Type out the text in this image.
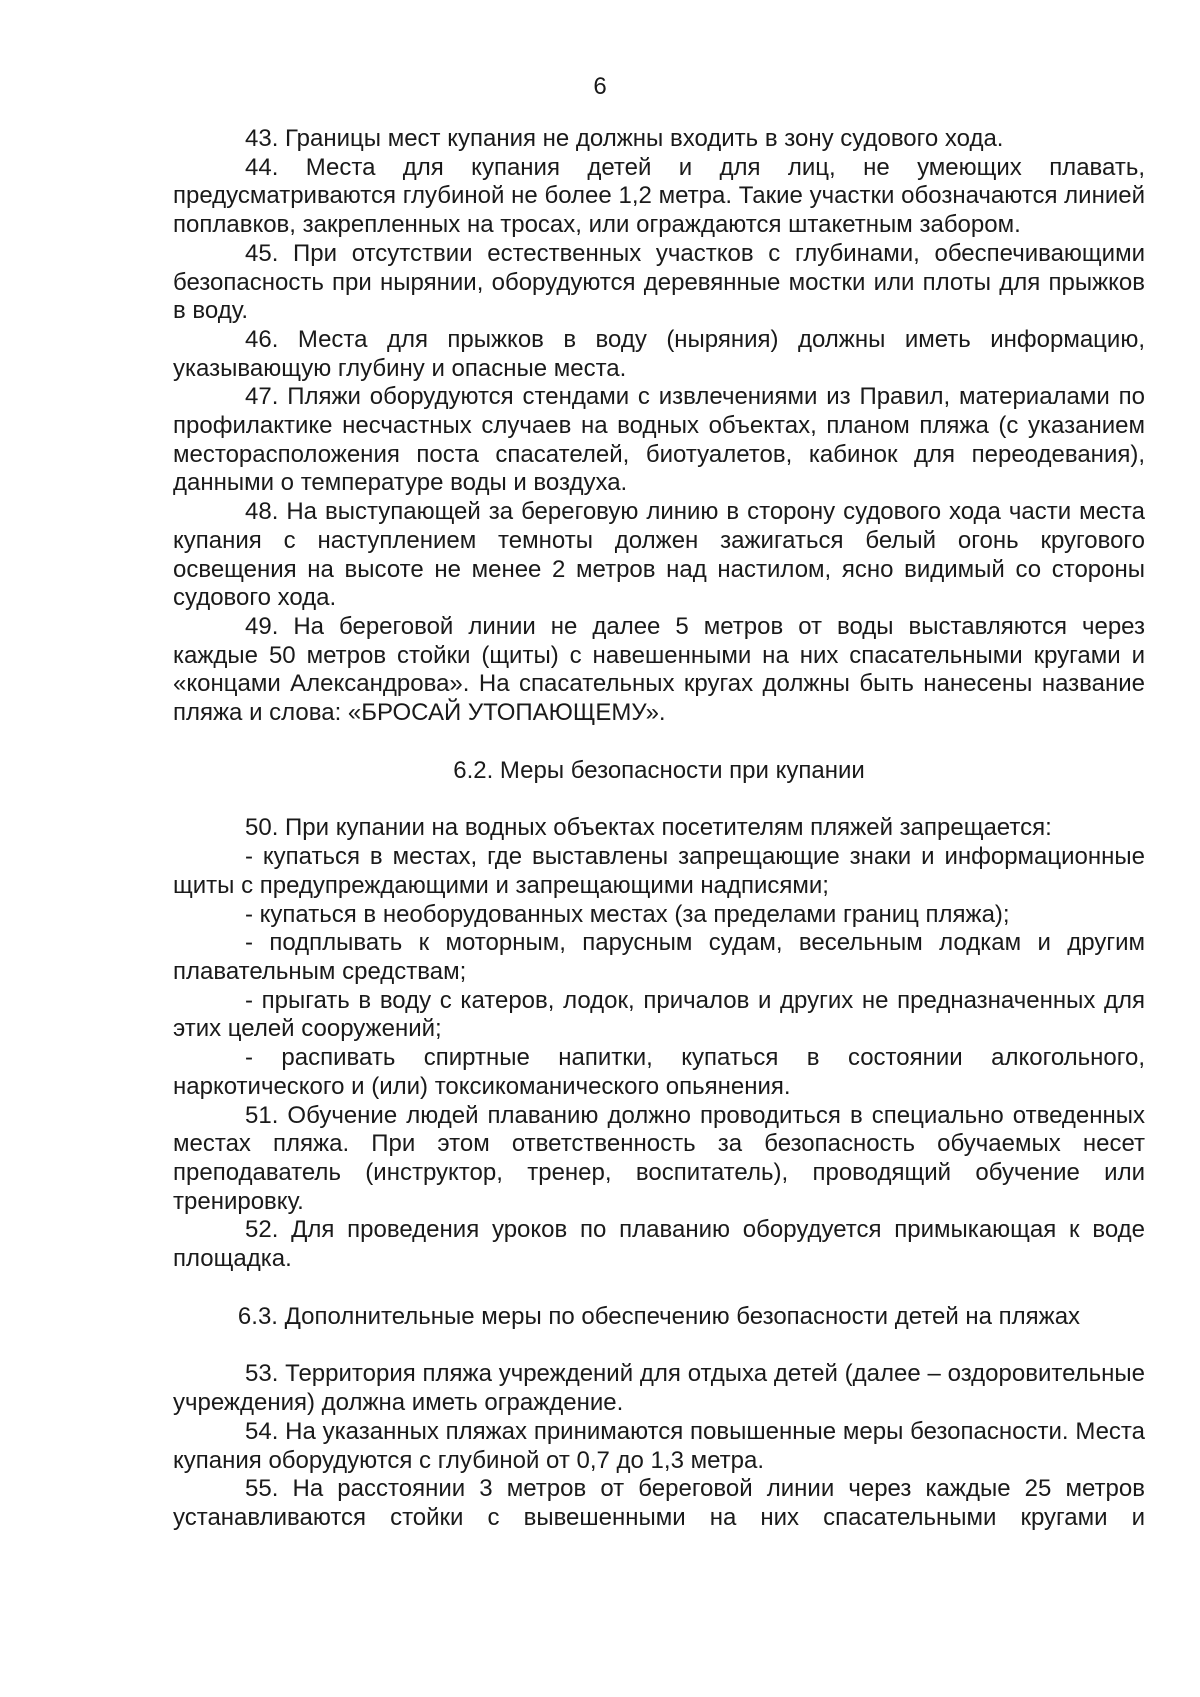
6

43. Границы мест купания не должны входить в зону судового хода.

44. Места для купания детей и для лиц, не умеющих плавать, предусматриваются глубиной не более 1,2 метра. Такие участки обозначаются линией поплавков, закрепленных на тросах, или ограждаются штакетным забором.

45. При отсутствии естественных участков с глубинами, обеспечивающими безопасность при нырянии, оборудуются деревянные мостки или плоты для прыжков в воду.

46. Места для прыжков в воду (ныряния) должны иметь информацию, указывающую глубину и опасные места.

47. Пляжи оборудуются стендами с извлечениями из Правил, материалами по профилактике несчастных случаев на водных объектах, планом пляжа (с указанием месторасположения поста спасателей, биотуалетов, кабинок для переодевания), данными о температуре воды и воздуха.

48. На выступающей за береговую линию в сторону судового хода части места купания с наступлением темноты должен зажигаться белый огонь кругового освещения на высоте не менее 2 метров над настилом, ясно видимый со стороны судового хода.

49. На береговой линии не далее 5 метров от воды выставляются через каждые 50 метров стойки (щиты) с навешенными на них спасательными кругами и «концами Александрова». На спасательных кругах должны быть нанесены название пляжа и слова: «БРОСАЙ УТОПАЮЩЕМУ».

6.2. Меры безопасности при купании

50. При купании на водных объектах посетителям пляжей запрещается:

- купаться в местах, где выставлены запрещающие знаки и информационные щиты с предупреждающими и запрещающими надписями;

- купаться в необорудованных местах (за пределами границ пляжа);

- подплывать к моторным, парусным судам, весельным лодкам и другим плавательным средствам;

- прыгать в воду с катеров, лодок, причалов и других не предназначенных для этих целей сооружений;

- распивать спиртные напитки, купаться в состоянии алкогольного, наркотического и (или) токсикоманического опьянения.

51. Обучение людей плаванию должно проводиться в специально отведенных местах пляжа. При этом ответственность за безопасность обучаемых несет преподаватель (инструктор, тренер, воспитатель), проводящий обучение или тренировку.

52. Для проведения уроков по плаванию оборудуется примыкающая к воде площадка.

6.3. Дополнительные меры по обеспечению безопасности детей на пляжах

53. Территория пляжа учреждений для отдыха детей (далее – оздоровительные учреждения) должна иметь ограждение.

54. На указанных пляжах принимаются повышенные меры безопасности. Места купания оборудуются с глубиной от 0,7 до 1,3 метра.

55. На расстоянии 3 метров от береговой линии через каждые 25 метров устанавливаются стойки с вывешенными на них спасательными кругами и
